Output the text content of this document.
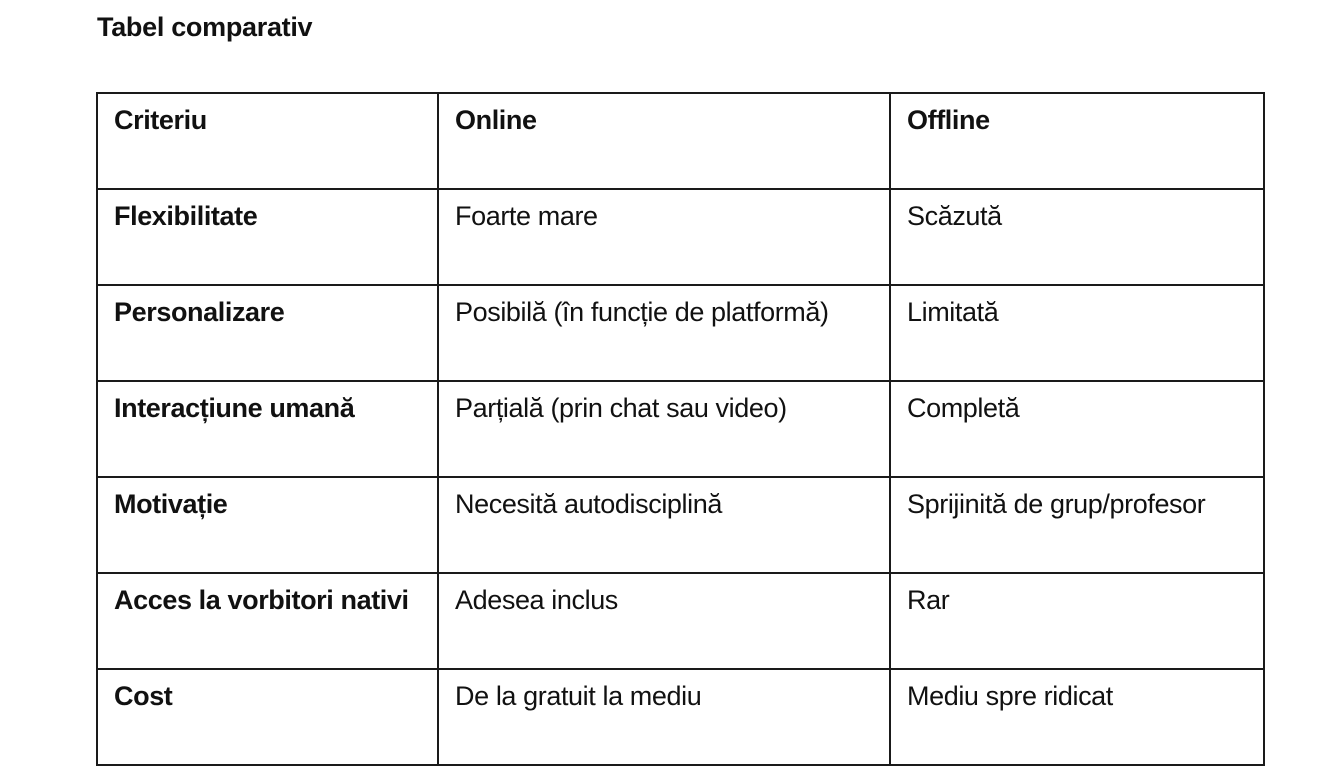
Tabel comparativ
Criteriu	Online	Offline
Flexibilitate	Foarte mare	Scăzută
Personalizare	Posibilă (în funcție de platformă)	Limitată
Interacțiune umană	Parțială (prin chat sau video)	Completă
Motivație	Necesită autodisciplină	Sprijinită de grup/profesor
Acces la vorbitori nativi	Adesea inclus	Rar
Cost	De la gratuit la mediu	Mediu spre ridicat
